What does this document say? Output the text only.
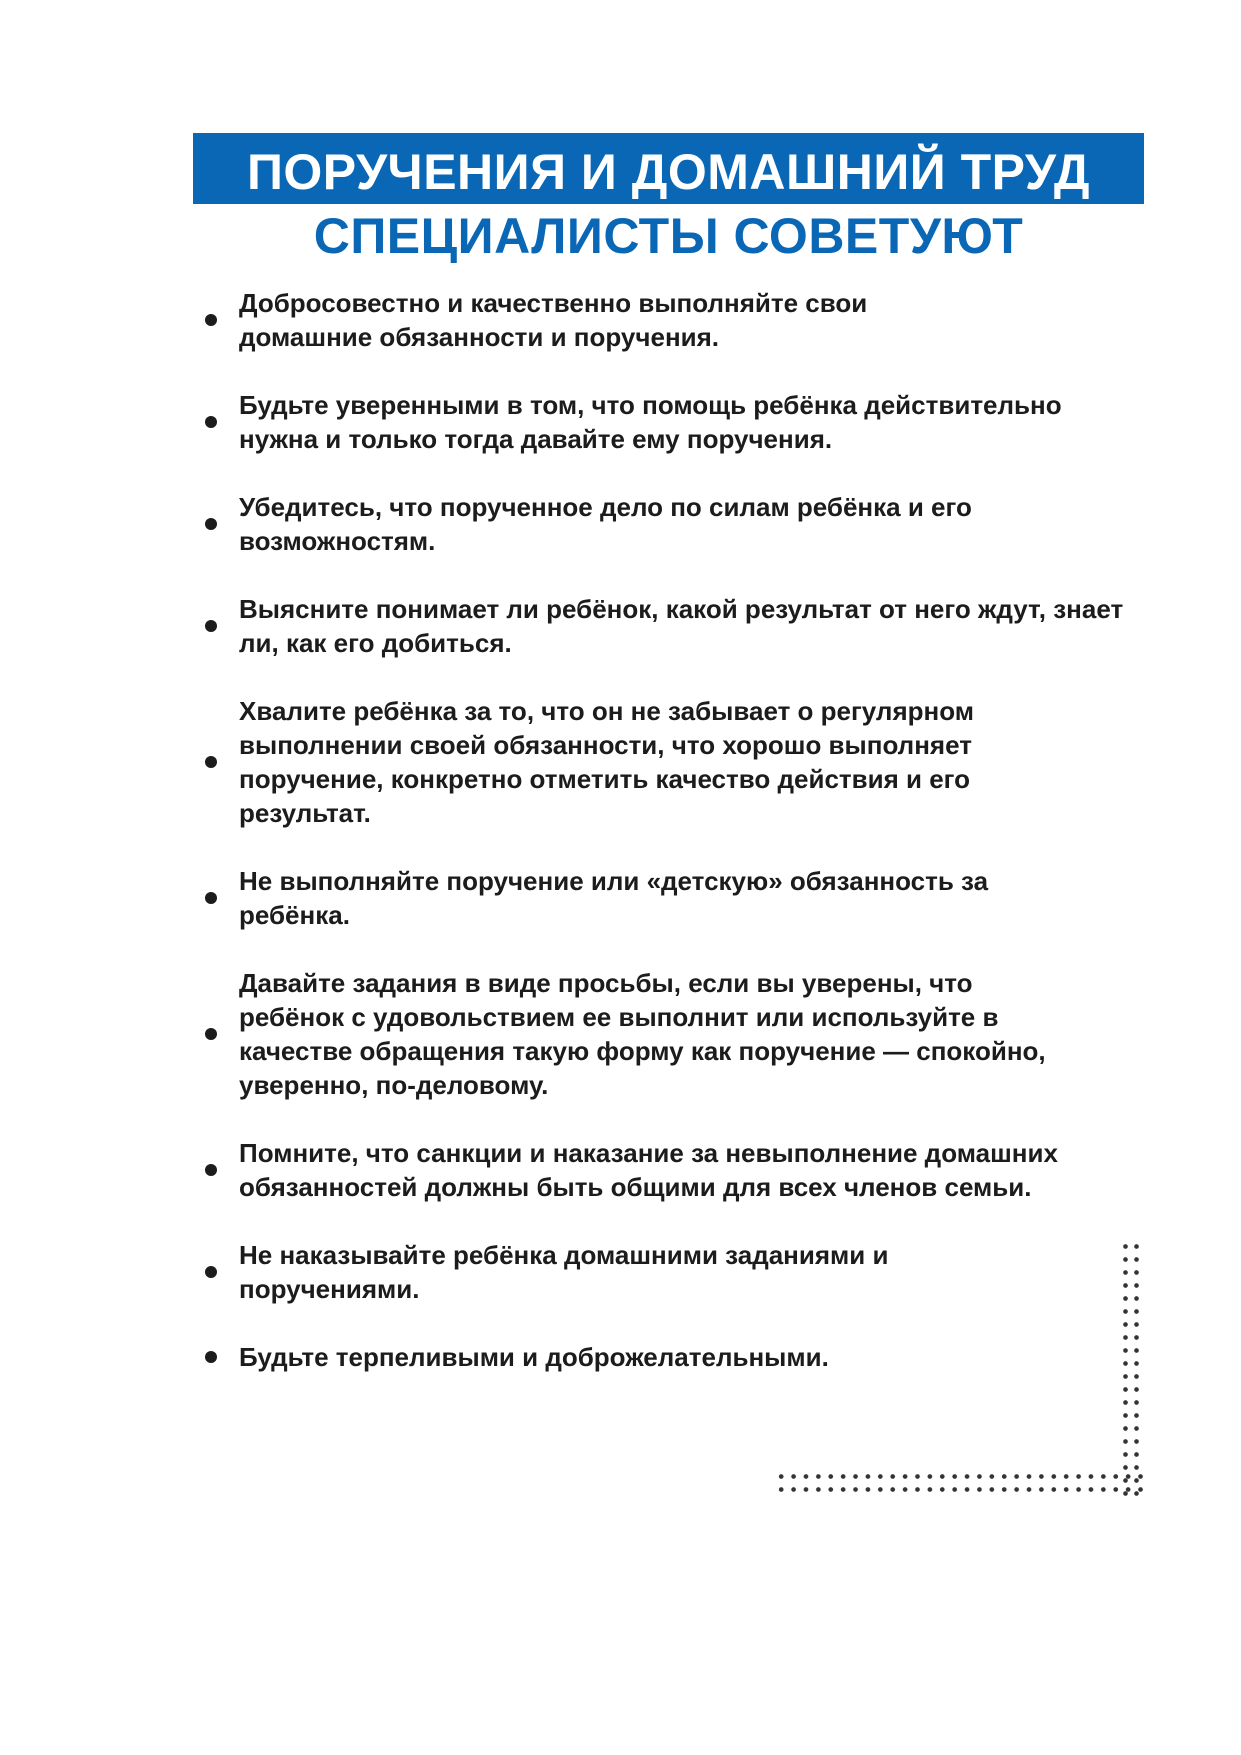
ПОРУЧЕНИЯ И ДОМАШНИЙ ТРУД
СПЕЦИАЛИСТЫ СОВЕТУЮТ
Добросовестно и качественно выполняйте свои домашние обязанности и поручения.
Будьте уверенными в том, что помощь ребёнка действительно нужна и только тогда давайте ему поручения.
Убедитесь, что порученное дело по силам ребёнка и его возможностям.
Выясните понимает ли ребёнок, какой результат от него ждут, знает ли, как его добиться.
Хвалите ребёнка за то, что он не забывает о регулярном выполнении своей обязанности, что хорошо выполняет поручение, конкретно отметить качество действия и его результат.
Не выполняйте поручение или «детскую» обязанность за ребёнка.
Давайте задания в виде просьбы, если вы уверены, что ребёнок с удовольствием ее выполнит или используйте в качестве обращения такую форму как поручение — спокойно, уверенно, по-деловому.
Помните, что санкции и наказание за невыполнение домашних обязанностей должны быть общими для всех членов семьи.
Не наказывайте ребёнка домашними заданиями и поручениями.
Будьте терпеливыми и доброжелательными.
